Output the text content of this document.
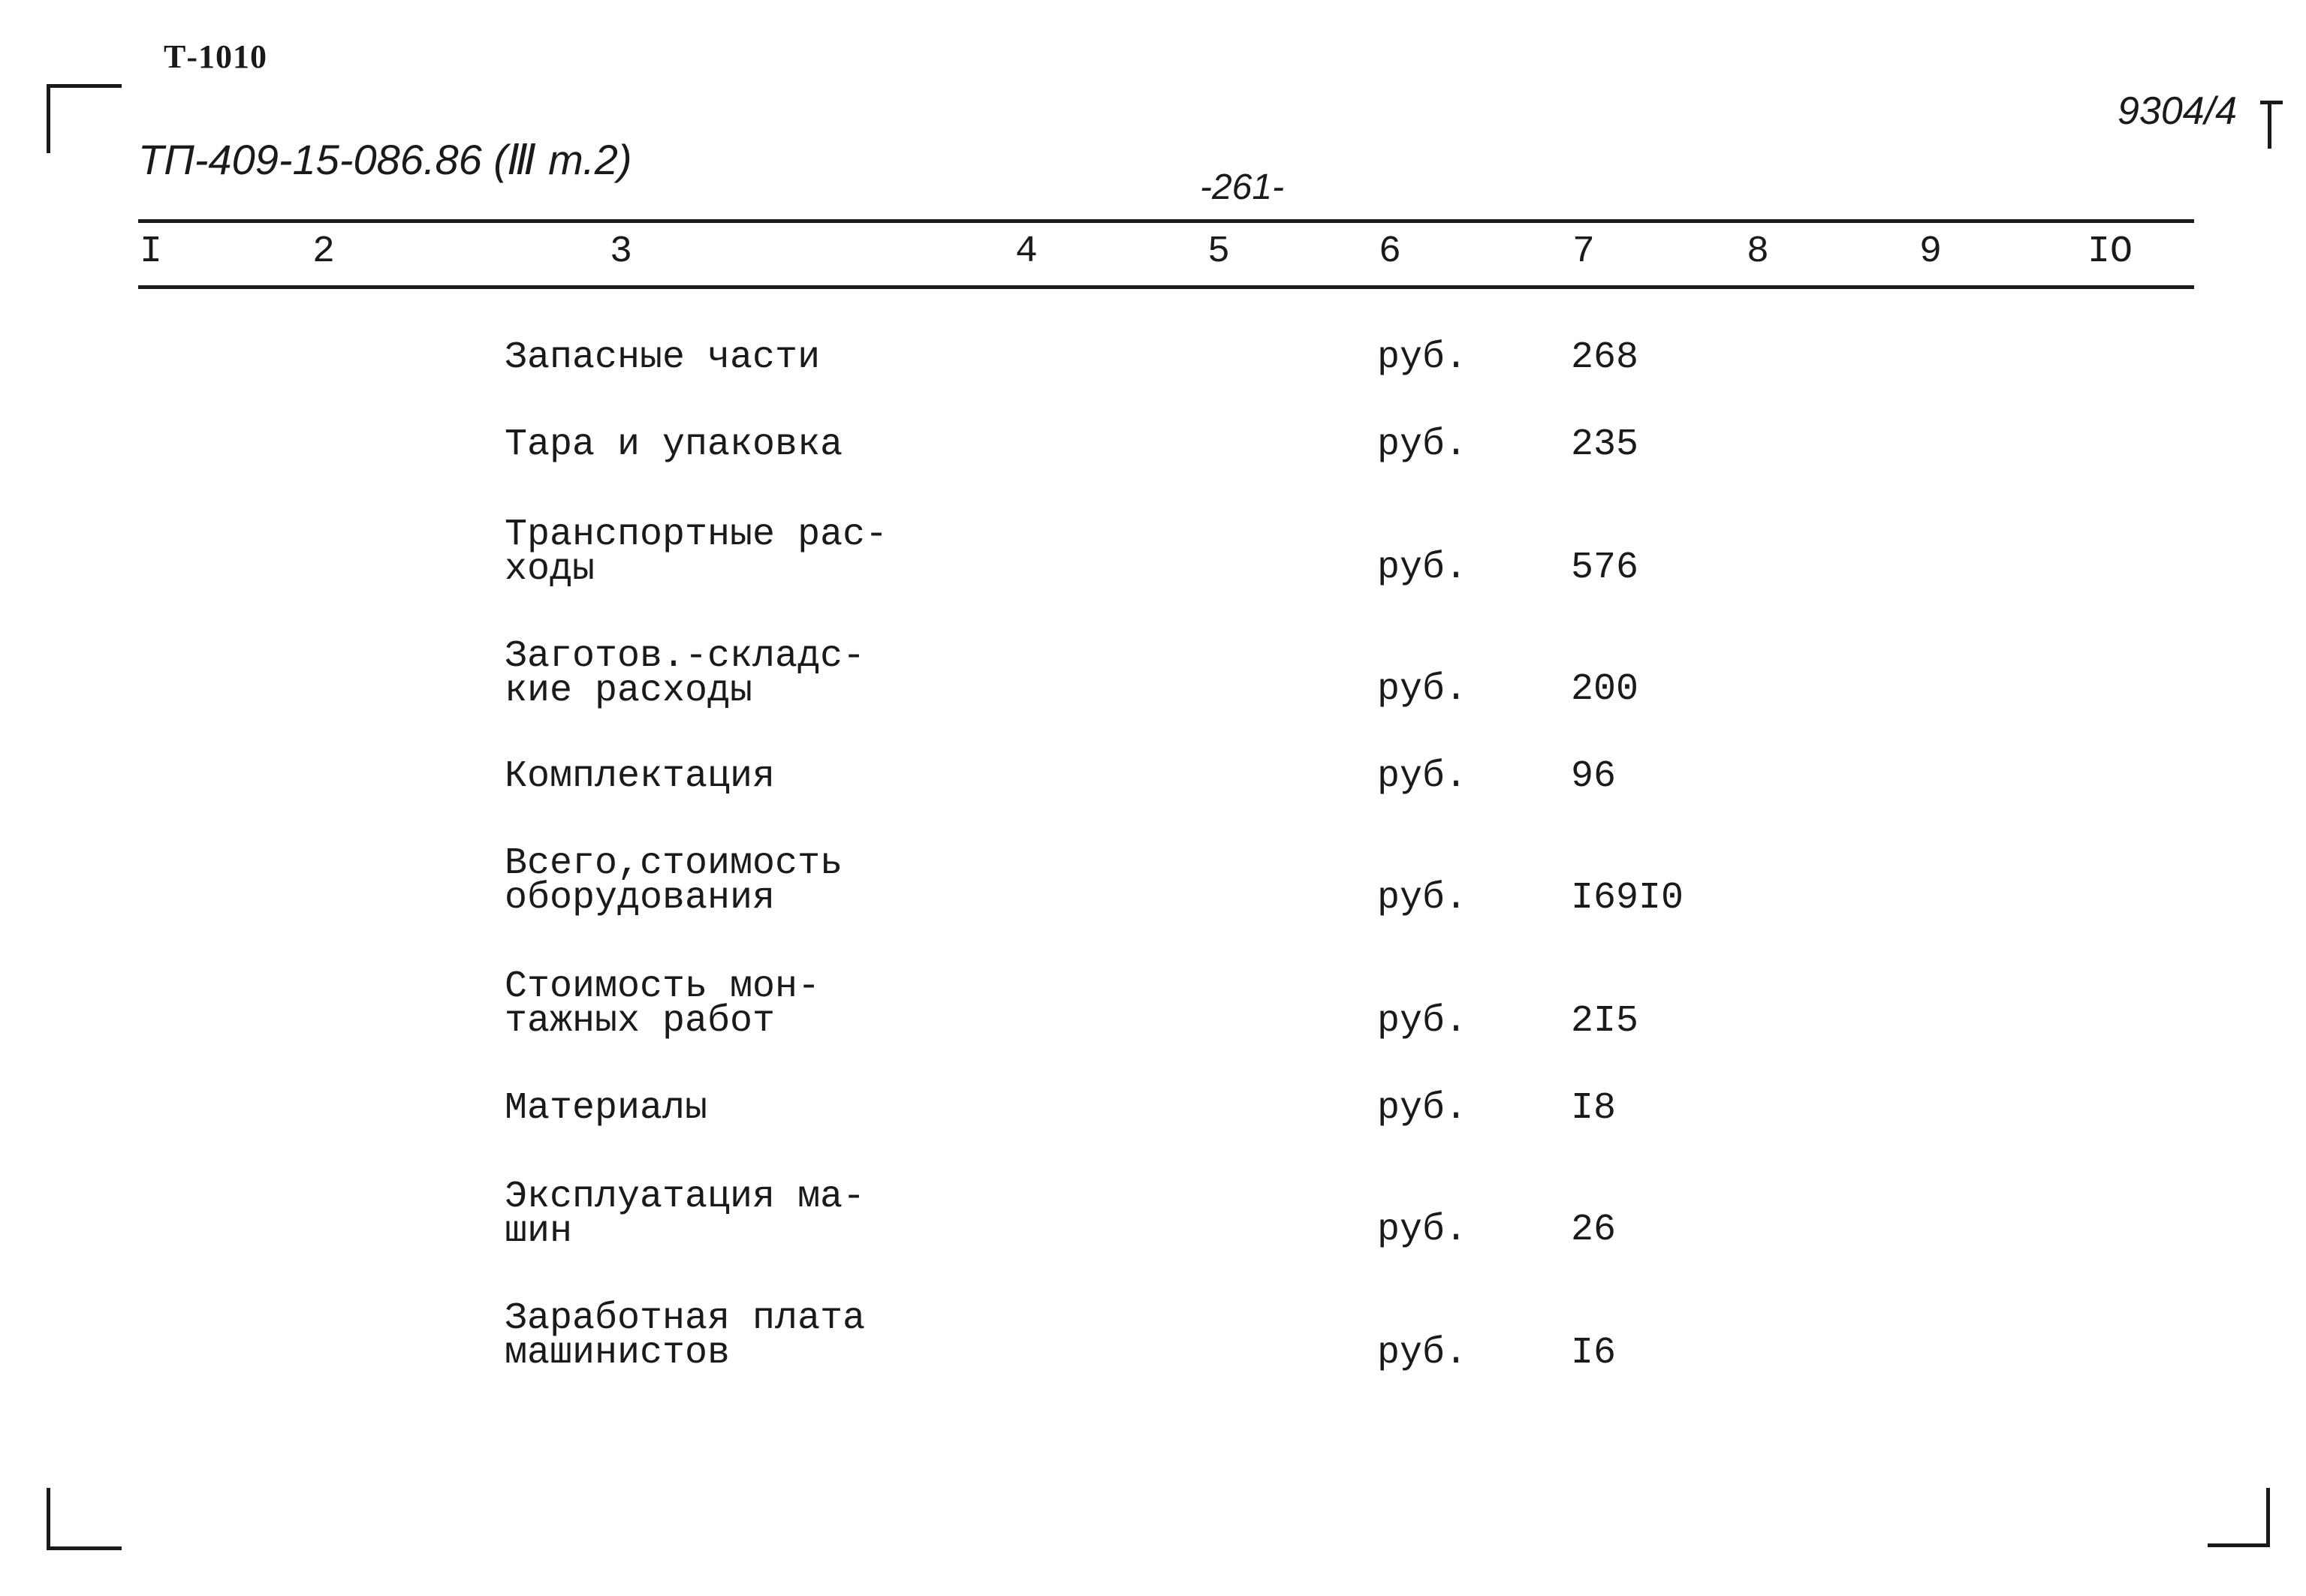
Т-1010
ТП-409-15-086.86 (Ⅲ т.2)
9304/4
-261-
I	2	3	4	5	6	7	8	9	IO
Запасные части	руб.	268
Тара и упаковка	руб.	235
Транспортные рас-
ходы	руб.	576
Заготов.-складс-
кие расходы	руб.	200
Комплектация	руб.	96
Всего,стоимость
оборудования	руб.	I69I0
Стоимость мон-
тажных работ	руб.	2I5
Материалы	руб.	I8
Эксплуатация ма-
шин	руб.	26
Заработная плата
машинистов	руб.	I6
